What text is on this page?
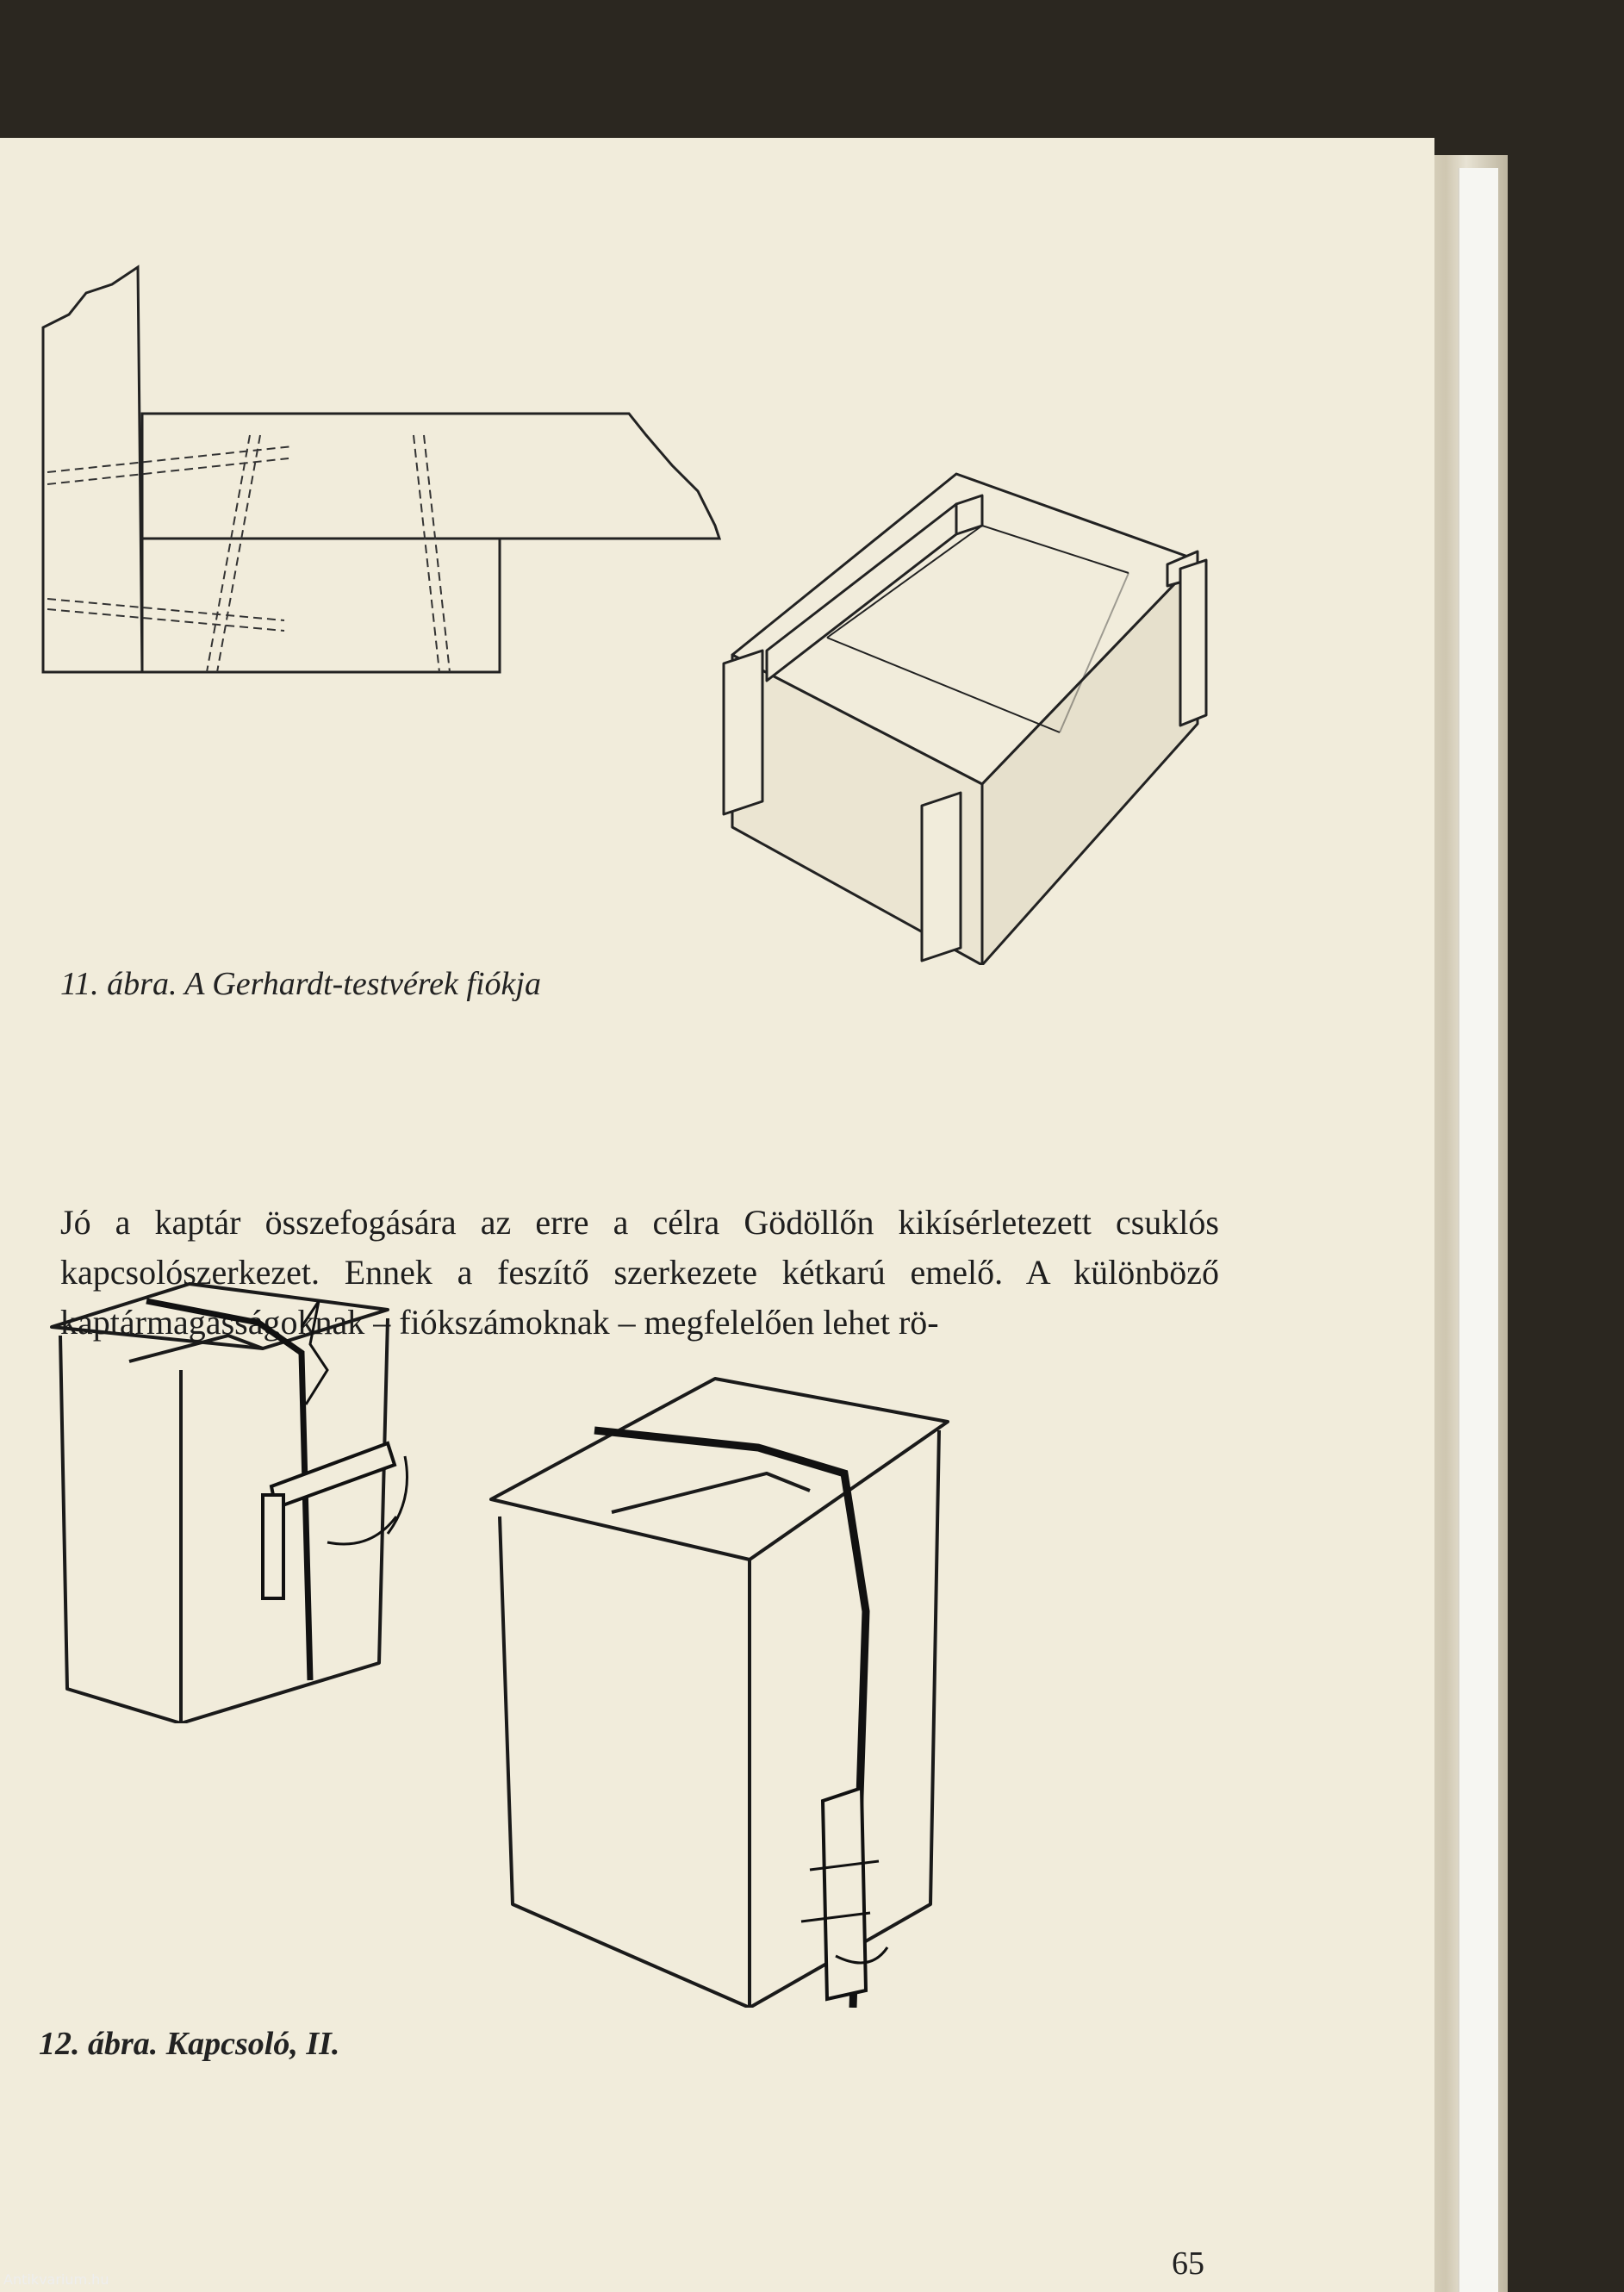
11. ábra. A Gerhardt-testvérek fiókja
Jó a kaptár összefogására az erre a célra Gödöllőn kikísérletezett csuklós kapcsolószerkezet. Ennek a feszítő szerkezete kétkarú emelő. A különböző kaptármagasságoknak – fiókszámoknak – megfelelően lehet rö-
12. ábra. Kapcsoló, II.
65
Antikvarium.hu
